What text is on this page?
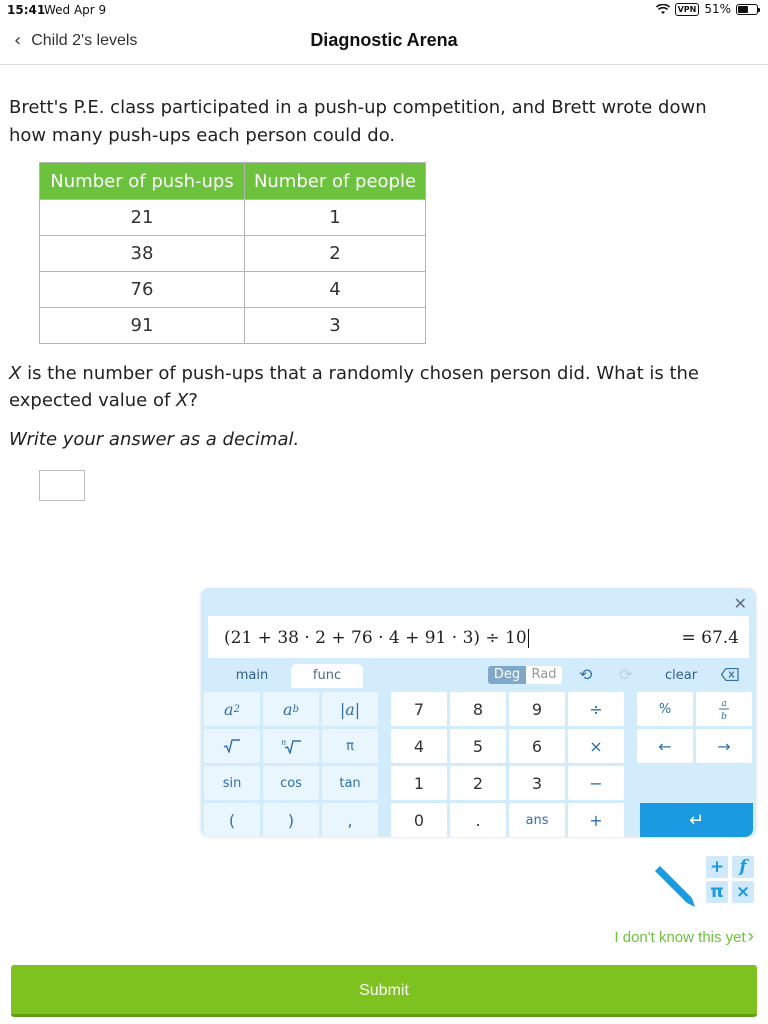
15:41
Wed Apr 9	VPN 51%
‹ Child 2's levels	Diagnostic Arena
Brett's P.E. class participated in a push-up competition, and Brett wrote down how many push-ups each person could do.
Number of push-ups	Number of people
21	1
38	2
76	4
91	3
X is the number of push-ups that a randomly chosen person did. What is the expected value of X?
Write your answer as a decimal.
✕
(21 + 38 · 2 + 76 · 4 + 91 · 3) ÷ 10	= 67.4
main	func	Deg Rad	⟲ ⟳	clear
a 2	a b	|a|	7	8	9	÷	%	a
b
n	π	4	5	6	×	←	→
sin	cos	tan	1	2	3	−
(	)	,	0	.	ans	+	↵
+ f
π ×
I don't know this yet ›
Submit
